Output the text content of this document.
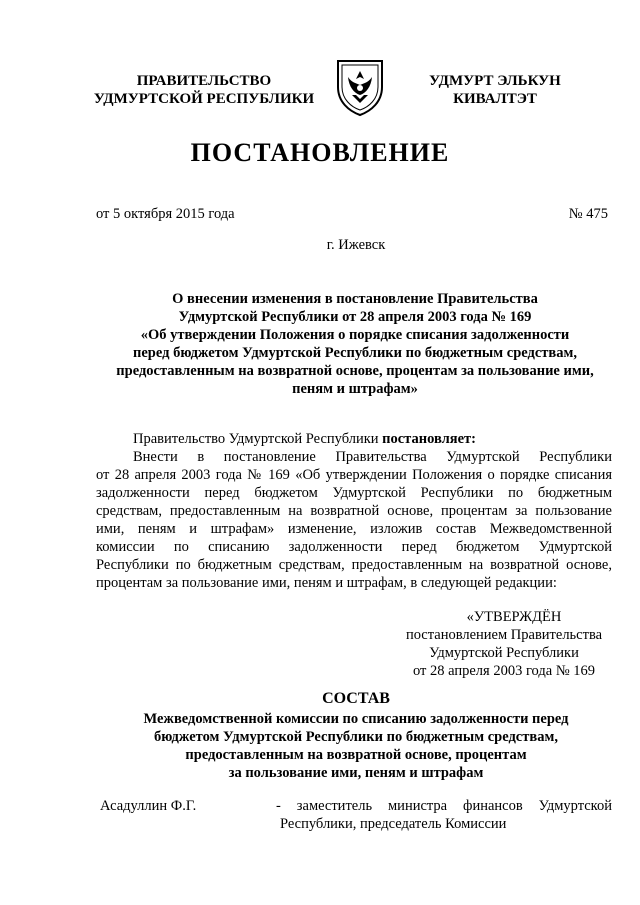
ПРАВИТЕЛЬСТВО
УДМУРТСКОЙ РЕСПУБЛИКИ
УДМУРТ ЭЛЬКУН
КИВАЛТЭТ
ПОСТАНОВЛЕНИЕ
от 5 октября 2015 года	№ 475
г. Ижевск
О внесении изменения в постановление Правительства
Удмуртской Республики от 28 апреля 2003 года № 169
«Об утверждении Положения о порядке списания задолженности
перед бюджетом Удмуртской Республики по бюджетным средствам,
предоставленным на возвратной основе, процентам за пользование ими,
пеням и штрафам»
Правительство Удмуртской Республики постановляет:
Внести в постановление Правительства Удмуртской Республики
от 28 апреля 2003 года № 169 «Об утверждении Положения о порядке списания
задолженности перед бюджетом Удмуртской Республики по бюджетным
средствам, предоставленным на возвратной основе, процентам за пользование
ими, пеням и штрафам» изменение, изложив состав Межведомственной
комиссии по списанию задолженности перед бюджетом Удмуртской
Республики по бюджетным средствам, предоставленным на возвратной основе,
процентам за пользование ими, пеням и штрафам, в следующей редакции:
«УТВЕРЖДЁН
постановлением Правительства
Удмуртской Республики
от 28 апреля 2003 года № 169
СОСТАВ
Межведомственной комиссии по списанию задолженности перед
бюджетом Удмуртской Республики по бюджетным средствам,
предоставленным на возвратной основе, процентам
за пользование ими, пеням и штрафам
Асадуллин Ф.Г.	- заместитель министра финансов Удмуртской
Республики, председатель Комиссии
